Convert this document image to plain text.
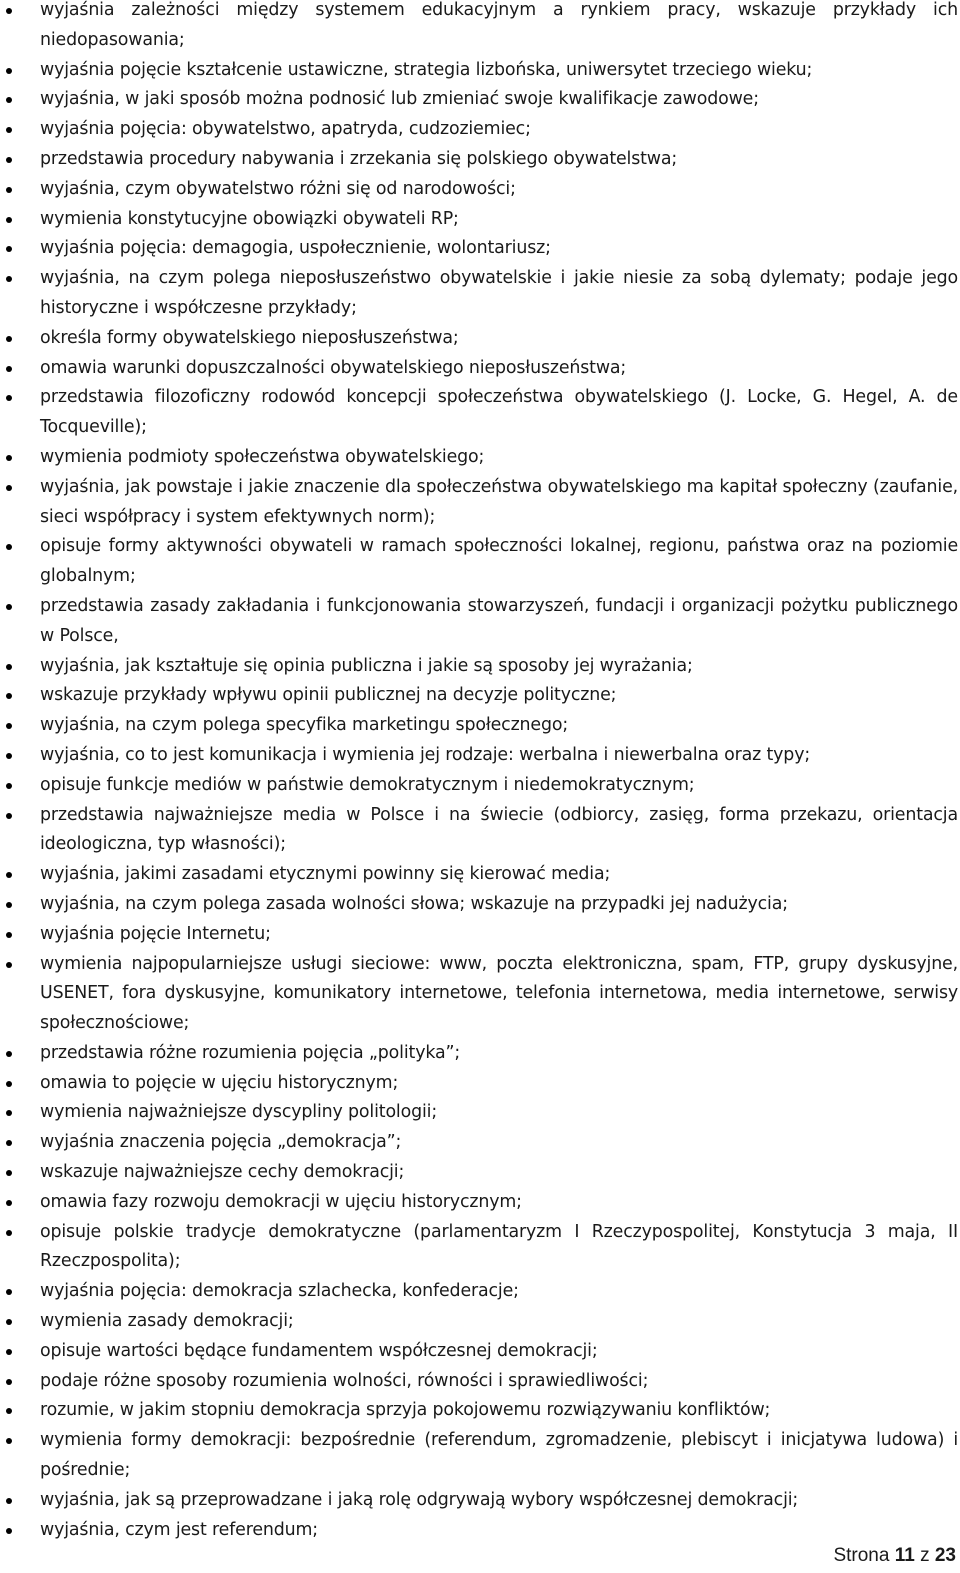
wyjaśnia zależności między systemem edukacyjnym a rynkiem pracy, wskazuje przykłady ich niedopasowania;
wyjaśnia pojęcie kształcenie ustawiczne, strategia lizbońska, uniwersytet trzeciego wieku;
wyjaśnia, w jaki sposób można podnosić lub zmieniać swoje kwalifikacje zawodowe;
wyjaśnia pojęcia: obywatelstwo, apatryda, cudzoziemiec;
przedstawia procedury nabywania i zrzekania się polskiego obywatelstwa;
wyjaśnia, czym obywatelstwo różni się od narodowości;
wymienia konstytucyjne obowiązki obywateli RP;
wyjaśnia pojęcia: demagogia, uspołecznienie, wolontariusz;
wyjaśnia, na czym polega nieposłuszeństwo obywatelskie i jakie niesie za sobą dylematy; podaje jego historyczne i współczesne przykłady;
określa formy obywatelskiego nieposłuszeństwa;
omawia warunki dopuszczalności obywatelskiego nieposłuszeństwa;
przedstawia filozoficzny rodowód koncepcji społeczeństwa obywatelskiego (J. Locke, G. Hegel, A. de Tocqueville);
wymienia podmioty społeczeństwa obywatelskiego;
wyjaśnia, jak powstaje i jakie znaczenie dla społeczeństwa obywatelskiego ma kapitał społeczny (zaufanie, sieci współpracy i system efektywnych norm);
opisuje formy aktywności obywateli w ramach społeczności lokalnej, regionu, państwa oraz na poziomie globalnym;
przedstawia zasady zakładania i funkcjonowania stowarzyszeń, fundacji i organizacji pożytku publicznego w Polsce,
wyjaśnia, jak kształtuje się opinia publiczna i jakie są sposoby jej wyrażania;
wskazuje przykłady wpływu opinii publicznej na decyzje polityczne;
wyjaśnia, na czym polega specyfika marketingu społecznego;
wyjaśnia, co to jest komunikacja i wymienia jej rodzaje: werbalna i niewerbalna oraz typy;
opisuje funkcje mediów w państwie demokratycznym i niedemokratycznym;
przedstawia najważniejsze media w Polsce i na świecie (odbiorcy, zasięg, forma przekazu, orientacja ideologiczna, typ własności);
wyjaśnia, jakimi zasadami etycznymi powinny się kierować media;
wyjaśnia, na czym polega zasada wolności słowa; wskazuje na przypadki jej nadużycia;
wyjaśnia pojęcie Internetu;
wymienia najpopularniejsze usługi sieciowe: www, poczta elektroniczna, spam, FTP, grupy dyskusyjne, USENET, fora dyskusyjne, komunikatory internetowe, telefonia internetowa, media internetowe, serwisy społecznościowe;
przedstawia różne rozumienia pojęcia „polityka”;
omawia to pojęcie w ujęciu historycznym;
wymienia najważniejsze dyscypliny politologii;
wyjaśnia znaczenia pojęcia „demokracja”;
wskazuje najważniejsze cechy demokracji;
omawia fazy rozwoju demokracji w ujęciu historycznym;
opisuje polskie tradycje demokratyczne (parlamentaryzm I Rzeczypospolitej, Konstytucja 3 maja, II Rzeczpospolita);
wyjaśnia pojęcia: demokracja szlachecka, konfederacje;
wymienia zasady demokracji;
opisuje wartości będące fundamentem współczesnej demokracji;
podaje różne sposoby rozumienia wolności, równości i sprawiedliwości;
rozumie, w jakim stopniu demokracja sprzyja pokojowemu rozwiązywaniu konfliktów;
wymienia formy demokracji: bezpośrednie (referendum, zgromadzenie, plebiscyt i inicjatywa ludowa) i pośrednie;
wyjaśnia, jak są przeprowadzane i jaką rolę odgrywają wybory współczesnej demokracji;
wyjaśnia, czym jest referendum;
Strona 11 z 23
